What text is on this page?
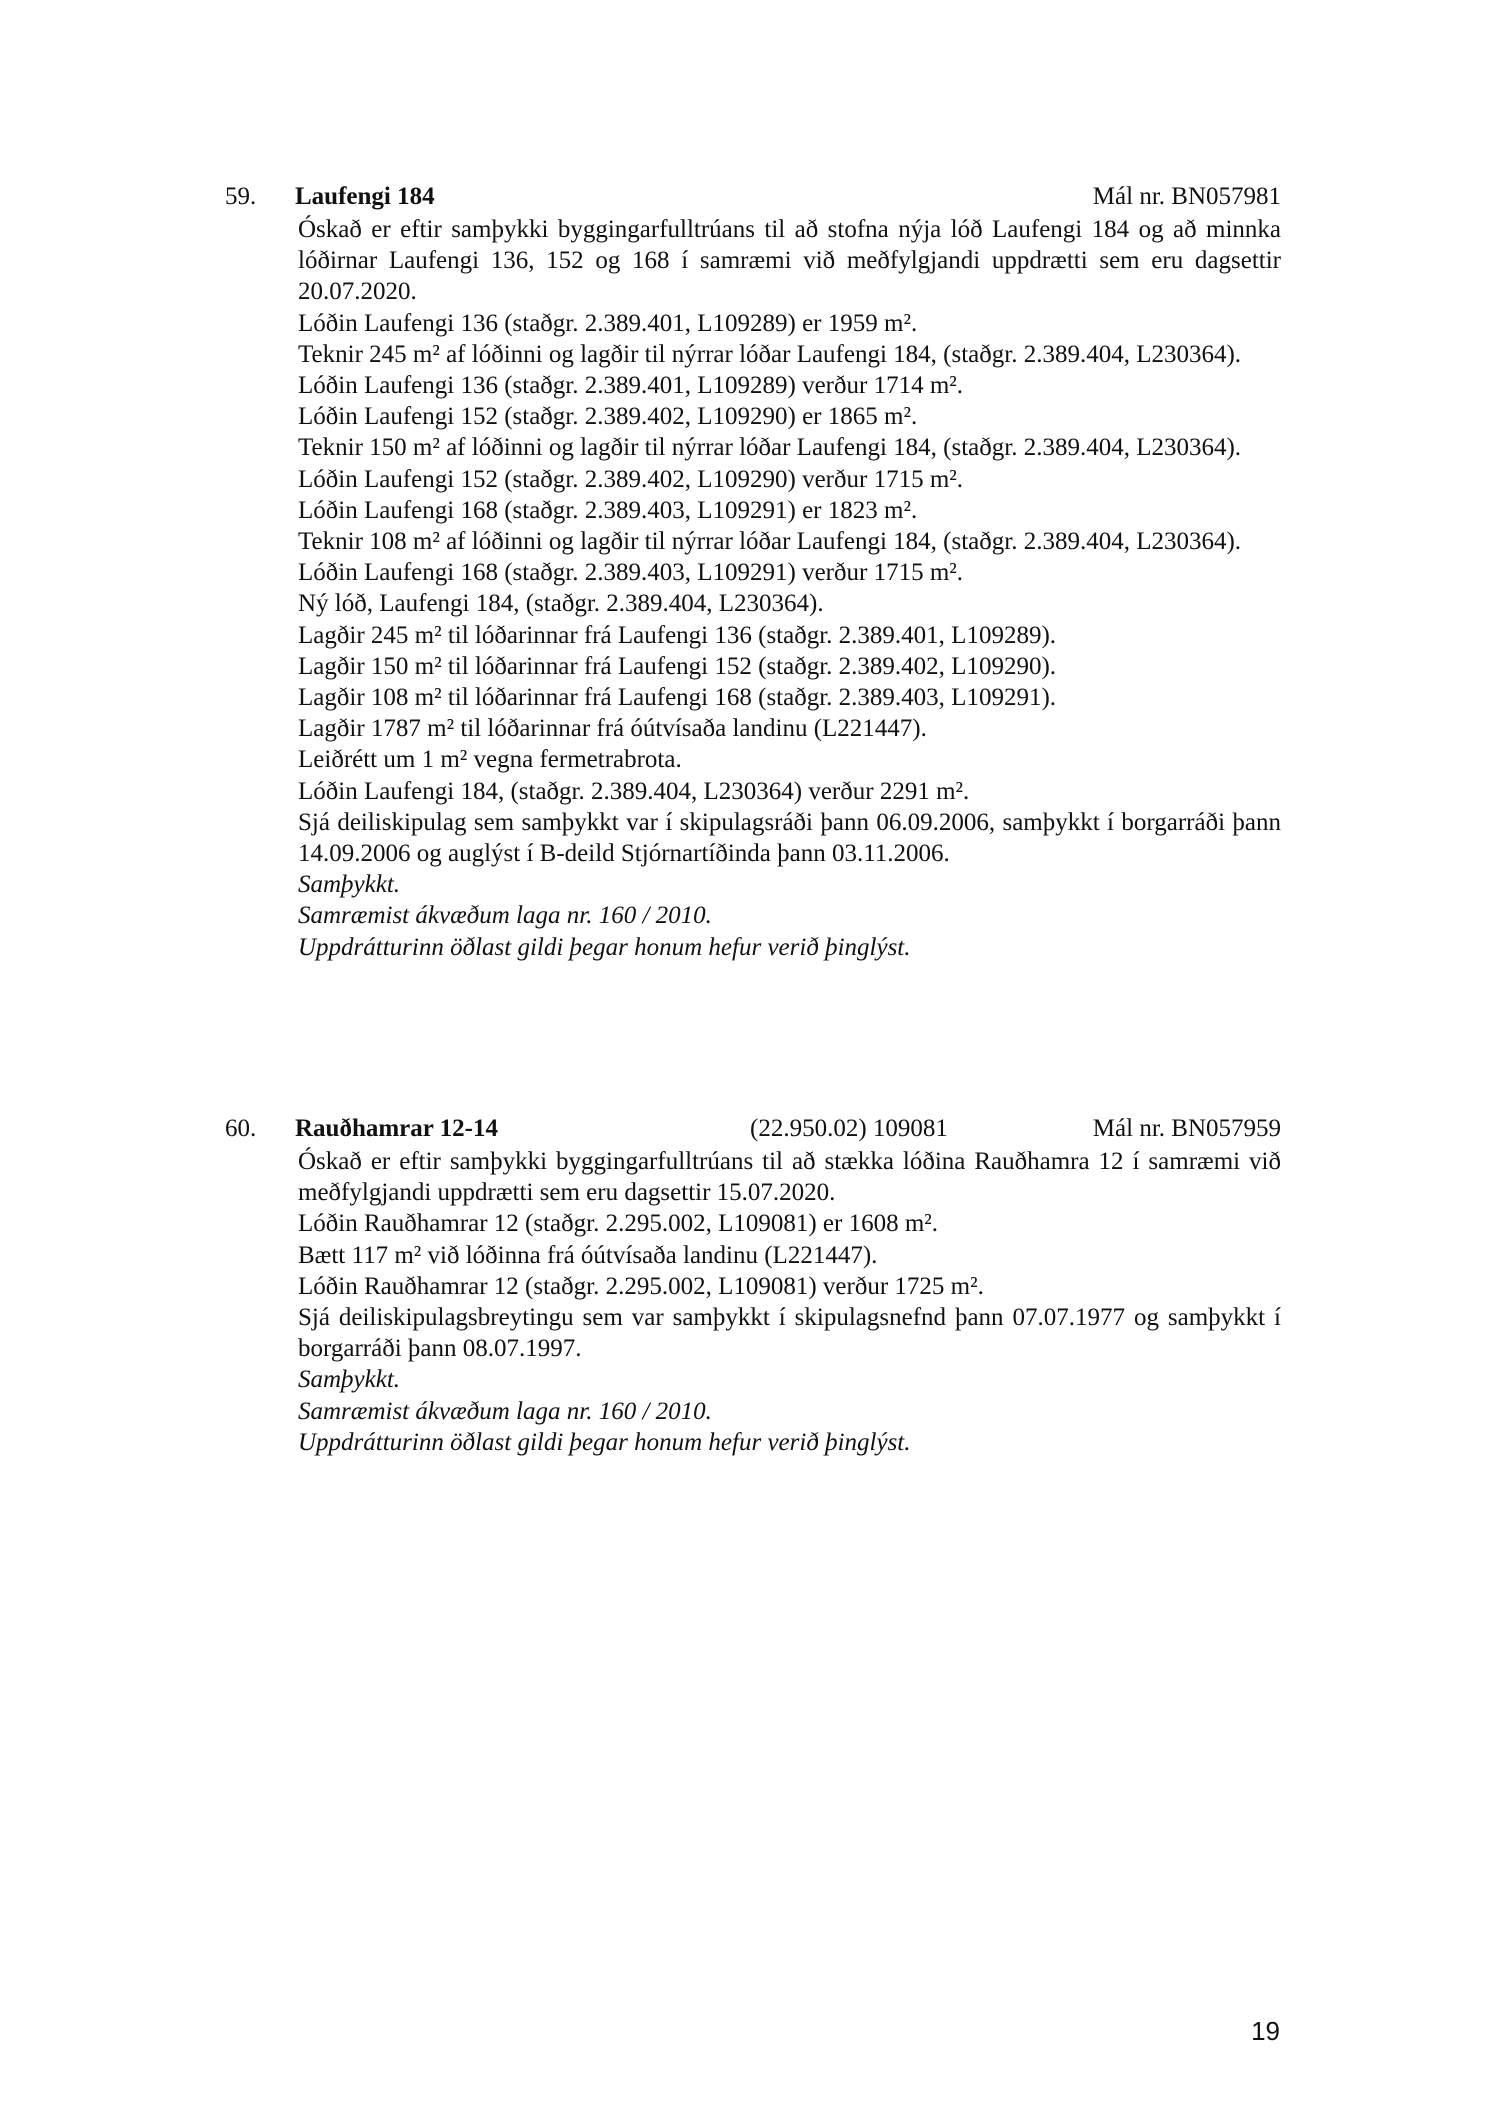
59. Laufengi 184	Mál nr. BN057981

Óskað er eftir samþykki byggingarfulltrúans til að stofna nýja lóð Laufengi 184 og að minnka lóðirnar Laufengi 136, 152 og 168 í samræmi við meðfylgjandi uppdrætti sem eru dagsettir 20.07.2020.

Lóðin Laufengi 136 (staðgr. 2.389.401, L109289) er 1959 m².

Teknir 245 m² af lóðinni og lagðir til nýrrar lóðar Laufengi 184, (staðgr. 2.389.404, L230364).

Lóðin Laufengi 136 (staðgr. 2.389.401, L109289) verður 1714 m².

Lóðin Laufengi 152 (staðgr. 2.389.402, L109290) er 1865 m².

Teknir 150 m² af lóðinni og lagðir til nýrrar lóðar Laufengi 184, (staðgr. 2.389.404, L230364).

Lóðin Laufengi 152 (staðgr. 2.389.402, L109290) verður 1715 m².

Lóðin Laufengi 168 (staðgr. 2.389.403, L109291) er 1823 m².

Teknir 108 m² af lóðinni og lagðir til nýrrar lóðar Laufengi 184, (staðgr. 2.389.404, L230364).

Lóðin Laufengi 168 (staðgr. 2.389.403, L109291) verður 1715 m².

Ný lóð, Laufengi 184, (staðgr. 2.389.404, L230364).

Lagðir 245 m² til lóðarinnar frá Laufengi 136 (staðgr. 2.389.401, L109289).

Lagðir 150 m² til lóðarinnar frá Laufengi 152 (staðgr. 2.389.402, L109290).

Lagðir 108 m² til lóðarinnar frá Laufengi 168 (staðgr. 2.389.403, L109291).

Lagðir 1787 m² til lóðarinnar frá óútvísaða landinu (L221447).

Leiðrétt um 1 m² vegna fermetrabrota.

Lóðin Laufengi 184, (staðgr. 2.389.404, L230364) verður 2291 m².

Sjá deiliskipulag sem samþykkt var í skipulagsráði þann 06.09.2006, samþykkt í borgarráði þann 14.09.2006 og auglýst í B-deild Stjórnartíðinda þann 03.11.2006.

Samþykkt.

Samræmist ákvæðum laga nr. 160 / 2010.

Uppdrátturinn öðlast gildi þegar honum hefur verið þinglýst.

60. Rauðhamrar 12-14	(22.950.02) 109081	Mál nr. BN057959

Óskað er eftir samþykki byggingarfulltrúans til að stækka lóðina Rauðhamra 12 í samræmi við meðfylgjandi uppdrætti sem eru dagsettir 15.07.2020.

Lóðin Rauðhamrar 12 (staðgr. 2.295.002, L109081) er 1608 m².

Bætt 117 m² við lóðinna frá óútvísaða landinu (L221447).

Lóðin Rauðhamrar 12 (staðgr. 2.295.002, L109081) verður 1725 m².

Sjá deiliskipulagsbreytingu sem var samþykkt í skipulagsnefnd þann 07.07.1977 og samþykkt í borgarráði þann 08.07.1997.

Samþykkt.

Samræmist ákvæðum laga nr. 160 / 2010.

Uppdrátturinn öðlast gildi þegar honum hefur verið þinglýst.

19
